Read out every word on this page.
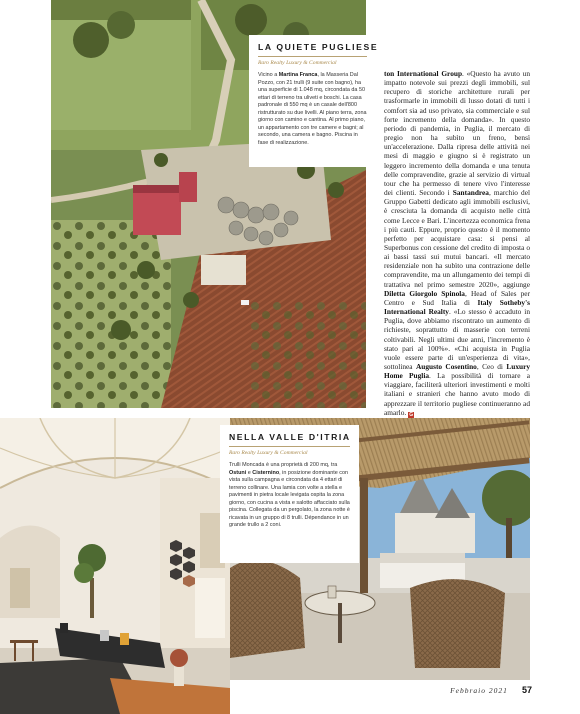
LA QUIETE PUGLIESE
Raro Realty Luxury & Commercial
Vicino a Martina Franca, la Masseria Dal Pozzo, con 21 trulli (9 suite con bagno), ha una superficie di 1.048 mq, circondata da 50 ettari di terreno tra uliveti e boschi. La casa padronale di 550 mq è un casale dell'800 ristrutturato su due livelli. Al piano terra, zona giorno con camino e cantina. Al primo piano, un appartamento con tre camere e bagni; al secondo, una camera e bagno. Piscina in fase di realizzazione.
ton International Group. «Questo ha avuto un impatto notevole sui prezzi degli immobili, sul recupero di storiche architetture rurali per trasformarle in immobili di lusso dotati di tutti i comfort sia ad uso privato, sia commerciale e sul forte incremento della domanda». In questo periodo di pandemia, in Puglia, il mercato di pregio non ha subìto un freno, bensì un'accelerazione. Dalla ripresa delle attività nei mesi di maggio e giugno si è registrato un leggero incremento della domanda e una tenuta delle compravendite, grazie al servizio di virtual tour che ha permesso di tenere vivo l'interesse dei clienti. Secondo i Santandrea, marchio del Gruppo Gabetti dedicato agli immobili esclusivi, è cresciuta la domanda di acquisto nelle città come Lecce e Bari. L'incertezza economica frena i più cauti. Eppure, proprio questo è il momento perfetto per acquistare casa: si pensi al Superbonus con cessione del credito di imposta o ai bassi tassi sui mutui bancari. «Il mercato residenziale non ha subìto una contrazione delle compravendite, ma un allungamento dei tempi di trattativa nel primo semestre 2020», aggiunge Diletta Giorgolo Spinola, Head of Sales per Centro e Sud Italia di Italy Sotheby's International Realty. «Lo stesso è accaduto in Puglia, dove abbiamo riscontrato un aumento di richieste, soprattutto di masserie con terreni coltivabili. Negli ultimi due anni, l'incremento è stato pari al 100%». «Chi acquista in Puglia vuole essere parte di un'esperienza di vita», sottolinea Augusto Cosentino, Ceo di Luxury Home Puglia. La possibilità di tornare a viaggiare, faciliterà ulteriori investimenti e molti italiani e stranieri che hanno avuto modo di apprezzare il territorio pugliese continueranno ad amarlo. G
NELLA VALLE D'ITRIA
Raro Realty Luxury & Commercial
Trulli Moncada è una proprietà di 200 mq, tra Ostuni e Cisternino, in posizione dominante con vista sulla campagna e circondata da 4 ettari di terreno collinare. Una lamia con volte a stella e pavimenti in pietra locale levigata ospita la zona giorno, con cucina a vista e salotto affacciato sulla piscina. Collegata da un pergolato, la zona notte è ricavata in un gruppo di 8 trulli. Dépendance in un grande trullo a 2 coni.
Febbraio 2021 57
